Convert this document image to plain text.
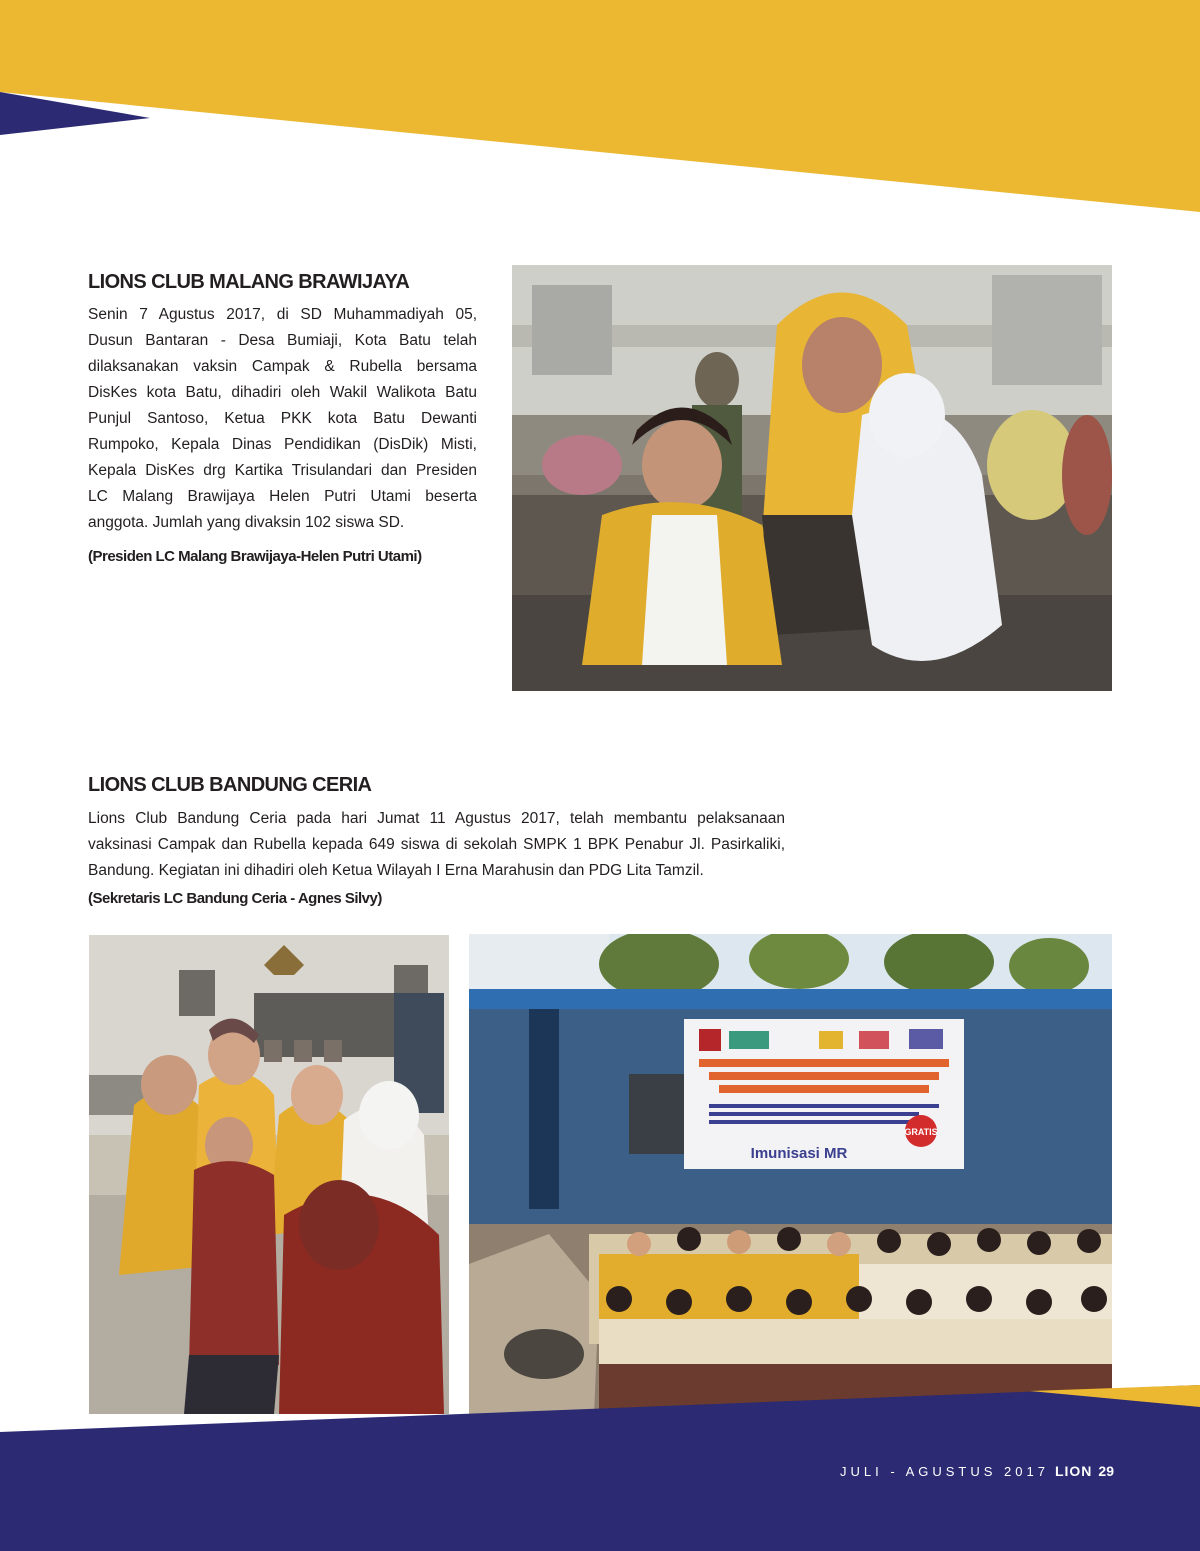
LIONS CLUB MALANG BRAWIJAYA

Senin 7 Agustus 2017, di SD Muhammadiyah 05,

Dusun Bantaran - Desa Bumiaji, Kota Batu telah

dilaksanakan vaksin Campak & Rubella bersama

DisKes kota Batu, dihadiri oleh Wakil Walikota Batu

Punjul Santoso, Ketua PKK kota Batu Dewanti

Rumpoko, Kepala Dinas Pendidikan (DisDik) Misti,

Kepala DisKes drg Kartika Trisulandari dan Presiden

LC Malang Brawijaya Helen Putri Utami beserta

anggota. Jumlah yang divaksin 102 siswa SD.

(Presiden LC Malang Brawijaya-Helen Putri Utami)

LIONS CLUB BANDUNG CERIA

Lions Club Bandung Ceria pada hari Jumat 11 Agustus 2017, telah membantu pelaksanaan

vaksinasi Campak dan Rubella kepada 649 siswa di sekolah SMPK 1 BPK Penabur Jl. Pasirkaliki,

Bandung. Kegiatan ini dihadiri oleh Ketua Wilayah I Erna Marahusin dan PDG Lita Tamzil.

(Sekretaris LC Bandung Ceria - Agnes Silvy)

GRATIS
Imunisasi MR
JULI - AGUSTUS 2017 LION 29
